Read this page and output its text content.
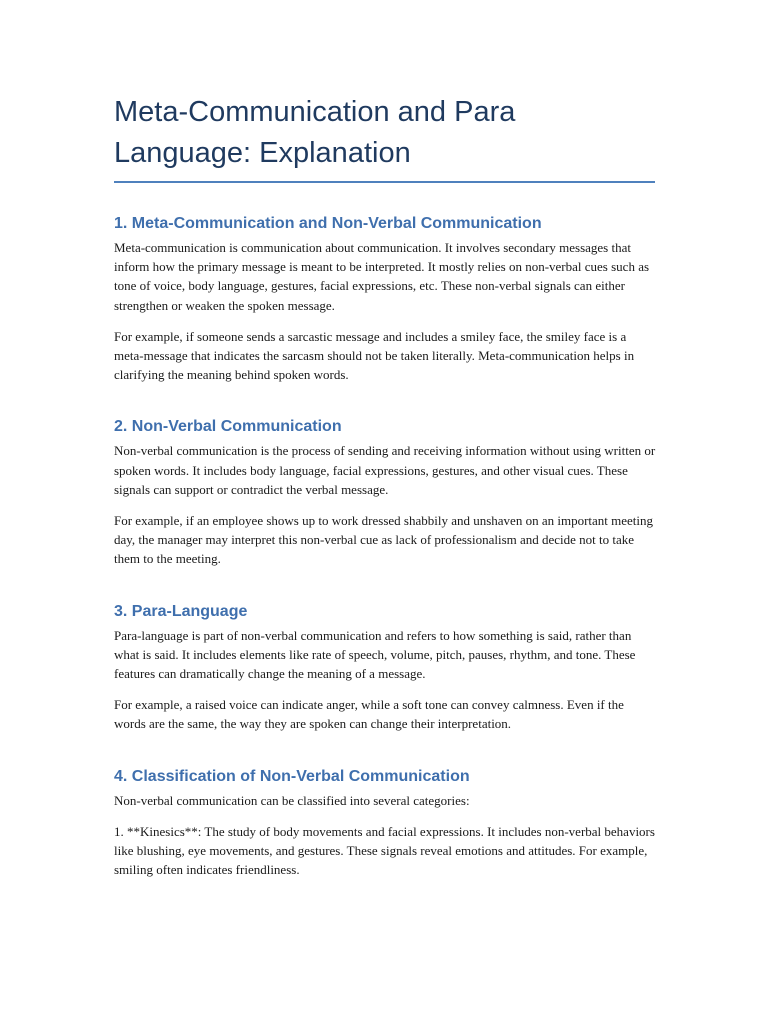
Meta-Communication and Para Language: Explanation
1. Meta-Communication and Non-Verbal Communication

Meta-communication is communication about communication. It involves secondary messages that inform how the primary message is meant to be interpreted. It mostly relies on non-verbal cues such as tone of voice, body language, gestures, facial expressions, etc. These non-verbal signals can either strengthen or weaken the spoken message.

For example, if someone sends a sarcastic message and includes a smiley face, the smiley face is a meta-message that indicates the sarcasm should not be taken literally. Meta-communication helps in clarifying the meaning behind spoken words.

2. Non-Verbal Communication

Non-verbal communication is the process of sending and receiving information without using written or spoken words. It includes body language, facial expressions, gestures, and other visual cues. These signals can support or contradict the verbal message.

For example, if an employee shows up to work dressed shabbily and unshaven on an important meeting day, the manager may interpret this non-verbal cue as lack of professionalism and decide not to take them to the meeting.

3. Para-Language

Para-language is part of non-verbal communication and refers to how something is said, rather than what is said. It includes elements like rate of speech, volume, pitch, pauses, rhythm, and tone. These features can dramatically change the meaning of a message.

For example, a raised voice can indicate anger, while a soft tone can convey calmness. Even if the words are the same, the way they are spoken can change their interpretation.

4. Classification of Non-Verbal Communication

Non-verbal communication can be classified into several categories:

1. **Kinesics**: The study of body movements and facial expressions. It includes non-verbal behaviors like blushing, eye movements, and gestures. These signals reveal emotions and attitudes. For example, smiling often indicates friendliness.
